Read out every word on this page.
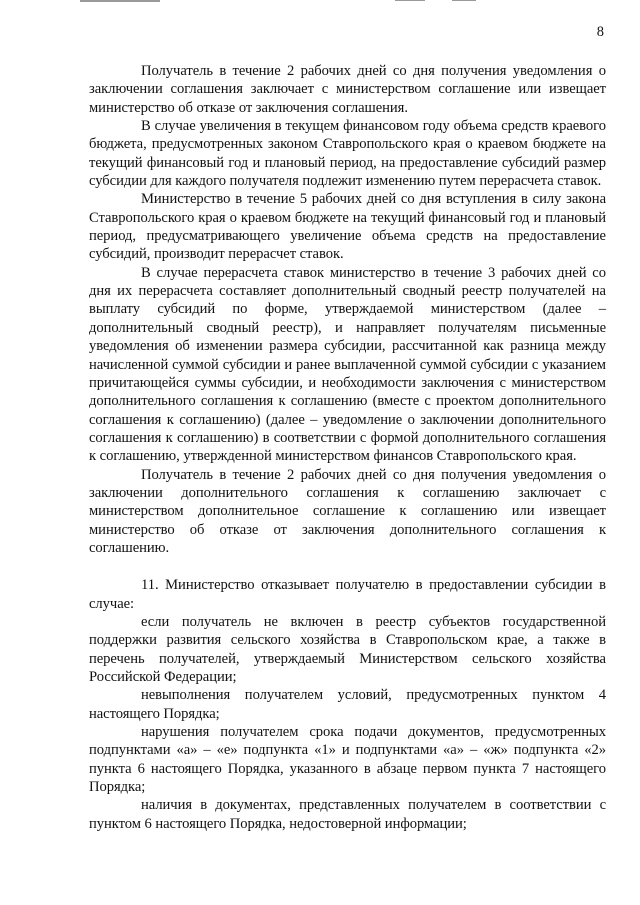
8

Получатель в течение 2 рабочих дней со дня получения уведомления о заключении соглашения заключает с министерством соглашение или извещает министерство об отказе от заключения соглашения.

В случае увеличения в текущем финансовом году объема средств краевого бюджета, предусмотренных законом Ставропольского края о краевом бюджете на текущий финансовый год и плановый период, на предоставление субсидий размер субсидии для каждого получателя подлежит изменению путем перерасчета ставок.

Министерство в течение 5 рабочих дней со дня вступления в силу закона Ставропольского края о краевом бюджете на текущий финансовый год и плановый период, предусматривающего увеличение объема средств на предоставление субсидий, производит перерасчет ставок.

В случае перерасчета ставок министерство в течение 3 рабочих дней со дня их перерасчета составляет дополнительный сводный реестр получателей на выплату субсидий по форме, утверждаемой министерством (далее – дополнительный сводный реестр), и направляет получателям письменные уведомления об изменении размера субсидии, рассчитанной как разница между начисленной суммой субсидии и ранее выплаченной суммой субсидии с указанием причитающейся суммы субсидии, и необходимости заключения с министерством дополнительного соглашения к соглашению (вместе с проектом дополнительного соглашения к соглашению) (далее – уведомление о заключении дополнительного соглашения к соглашению) в соответствии с формой дополнительного соглашения к соглашению, утвержденной министерством финансов Ставропольского края.

Получатель в течение 2 рабочих дней со дня получения уведомления о заключении дополнительного соглашения к соглашению заключает с министерством дополнительное соглашение к соглашению или извещает министерство об отказе от заключения дополнительного соглашения к соглашению.

11. Министерство отказывает получателю в предоставлении субсидии в случае:

если получатель не включен в реестр субъектов государственной поддержки развития сельского хозяйства в Ставропольском крае, а также в перечень получателей, утверждаемый Министерством сельского хозяйства Российской Федерации;

невыполнения получателем условий, предусмотренных пунктом 4 настоящего Порядка;

нарушения получателем срока подачи документов, предусмотренных подпунктами «а» – «е» подпункта «1» и подпунктами «а» – «ж» подпункта «2» пункта 6 настоящего Порядка, указанного в абзаце первом пункта 7 настоящего Порядка;

наличия в документах, представленных получателем в соответствии с пунктом 6 настоящего Порядка, недостоверной информации;
